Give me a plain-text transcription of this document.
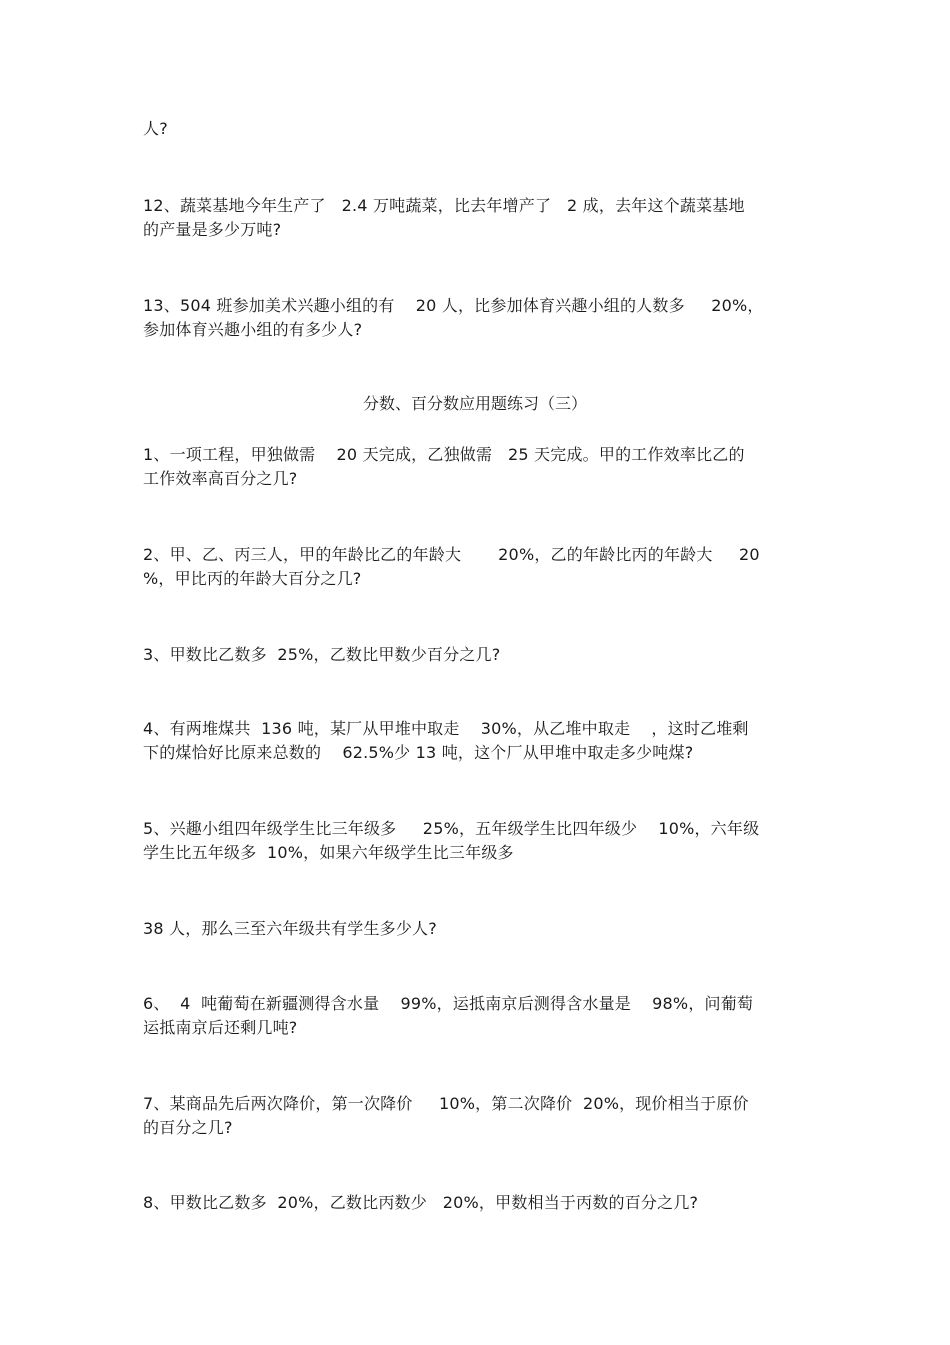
人?
12、蔬菜基地今年生产了   2.4 万吨蔬菜，比去年增产了   2 成，去年这个蔬菜基地
的产量是多少万吨?
13、504 班参加美术兴趣小组的有    20 人，比参加体育兴趣小组的人数多     20%，
参加体育兴趣小组的有多少人?
分数、百分数应用题练习（三）
1、一项工程，甲独做需    20 天完成，乙独做需   25 天完成。甲的工作效率比乙的
工作效率高百分之几?
2、甲、乙、丙三人，甲的年龄比乙的年龄大       20%，乙的年龄比丙的年龄大     20
%，甲比丙的年龄大百分之几?
3、甲数比乙数多  25%，乙数比甲数少百分之几?
4、有两堆煤共  136 吨，某厂从甲堆中取走    30%，从乙堆中取走    ，这时乙堆剩
下的煤恰好比原来总数的    62.5%少 13 吨，这个厂从甲堆中取走多少吨煤?
5、兴趣小组四年级学生比三年级多     25%，五年级学生比四年级少    10%，六年级
学生比五年级多  10%，如果六年级学生比三年级多
38 人，那么三至六年级共有学生多少人?
6、  4  吨葡萄在新疆测得含水量    99%，运抵南京后测得含水量是    98%，问葡萄
运抵南京后还剩几吨?
7、某商品先后两次降价，第一次降价     10%，第二次降价  20%，现价相当于原价
的百分之几?
8、甲数比乙数多  20%，乙数比丙数少   20%，甲数相当于丙数的百分之几?
